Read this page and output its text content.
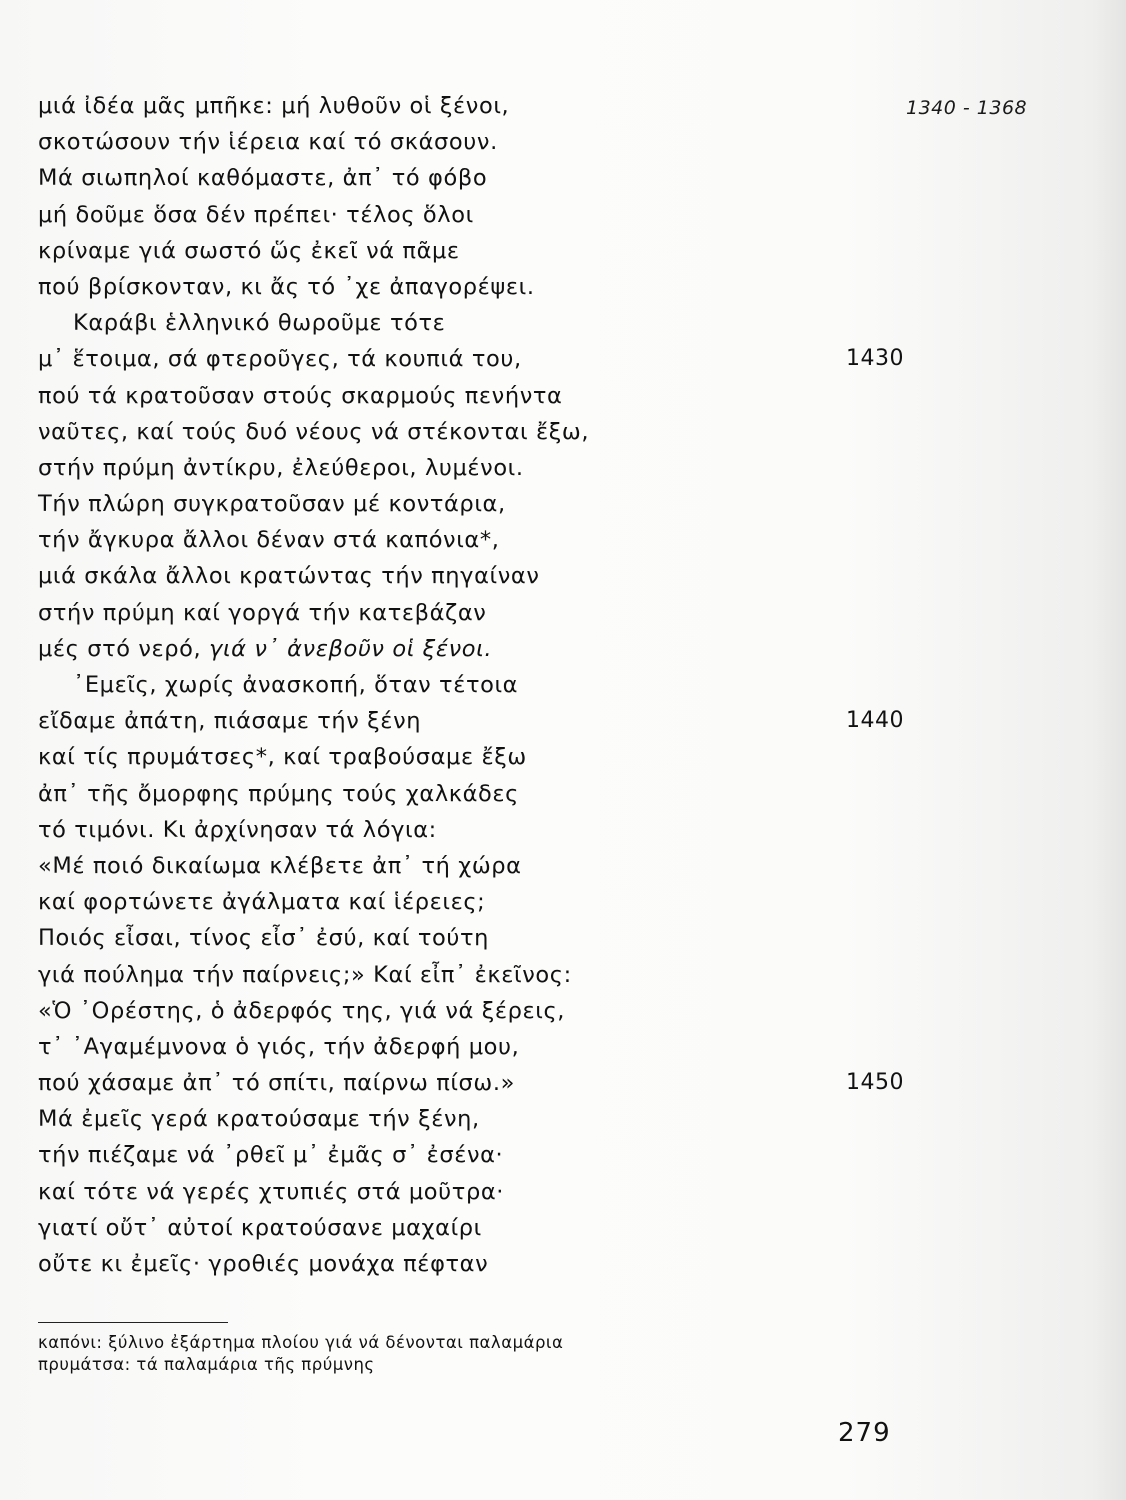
1340 - 1368
μιά ἰδέα μᾶς μπῆκε: μή λυθοῦν οἱ ξένοι,
σκοτώσουν τήν ἱέρεια καί τό σκάσουν.
Μά σιωπηλοί καθόμαστε, ἀπ᾽ τό φόβο
μή δοῦμε ὅσα δέν πρέπει· τέλος ὅλοι
κρίναμε γιά σωστό ὥς ἐκεῖ νά πᾶμε
πού βρίσκονταν, κι ἄς τό ᾽χε ἀπαγορέψει.
Καράβι ἑλληνικό θωροῦμε τότε
μ᾽ ἕτοιμα, σά φτεροῦγες, τά κουπιά του,	1430
πού τά κρατοῦσαν στούς σκαρμούς πενήντα
ναῦτες, καί τούς δυό νέους νά στέκονται ἔξω,
στήν πρύμη ἀντίκρυ, ἐλεύθεροι, λυμένοι.
Τήν πλώρη συγκρατοῦσαν μέ κοντάρια,
τήν ἄγκυρα ἄλλοι δέναν στά καπόνια*,
μιά σκάλα ἄλλοι κρατώντας τήν πηγαίναν
στήν πρύμη καί γοργά τήν κατεβάζαν
μές στό νερό, γιά ν᾽ ἀνεβοῦν οἱ ξένοι.
᾽Εμεῖς, χωρίς ἀνασκοπή, ὅταν τέτοια
εἴδαμε ἀπάτη, πιάσαμε τήν ξένη	1440
καί τίς πρυμάτσες*, καί τραβούσαμε ἔξω
ἀπ᾽ τῆς ὄμορφης πρύμης τούς χαλκάδες
τό τιμόνι. Κι ἀρχίνησαν τά λόγια:
«Μέ ποιό δικαίωμα κλέβετε ἀπ᾽ τή χώρα
καί φορτώνετε ἀγάλματα καί ἱέρειες;
Ποιός εἶσαι, τίνος εἶσ᾽ ἐσύ, καί τούτη
γιά πούλημα τήν παίρνεις;» Καί εἶπ᾽ ἐκεῖνος:
«Ὁ ᾽Ορέστης, ὁ ἀδερφός της, γιά νά ξέρεις,
τ᾽ ᾽Αγαμέμνονα ὁ γιός, τήν ἀδερφή μου,
πού χάσαμε ἀπ᾽ τό σπίτι, παίρνω πίσω.»	1450
Μά ἐμεῖς γερά κρατούσαμε τήν ξένη,
τήν πιέζαμε νά ᾽ρθεῖ μ᾽ ἐμᾶς σ᾽ ἐσένα·
καί τότε νά γερές χτυπιές στά μοῦτρα·
γιατί οὔτ᾽ αὐτοί κρατούσανε μαχαίρι
οὔτε κι ἐμεῖς· γροθιές μονάχα πέφταν
καπόνι: ξύλινο ἐξάρτημα πλοίου γιά νά δένονται παλαμάρια
πρυμάτσα: τά παλαμάρια τῆς πρύμνης
279
